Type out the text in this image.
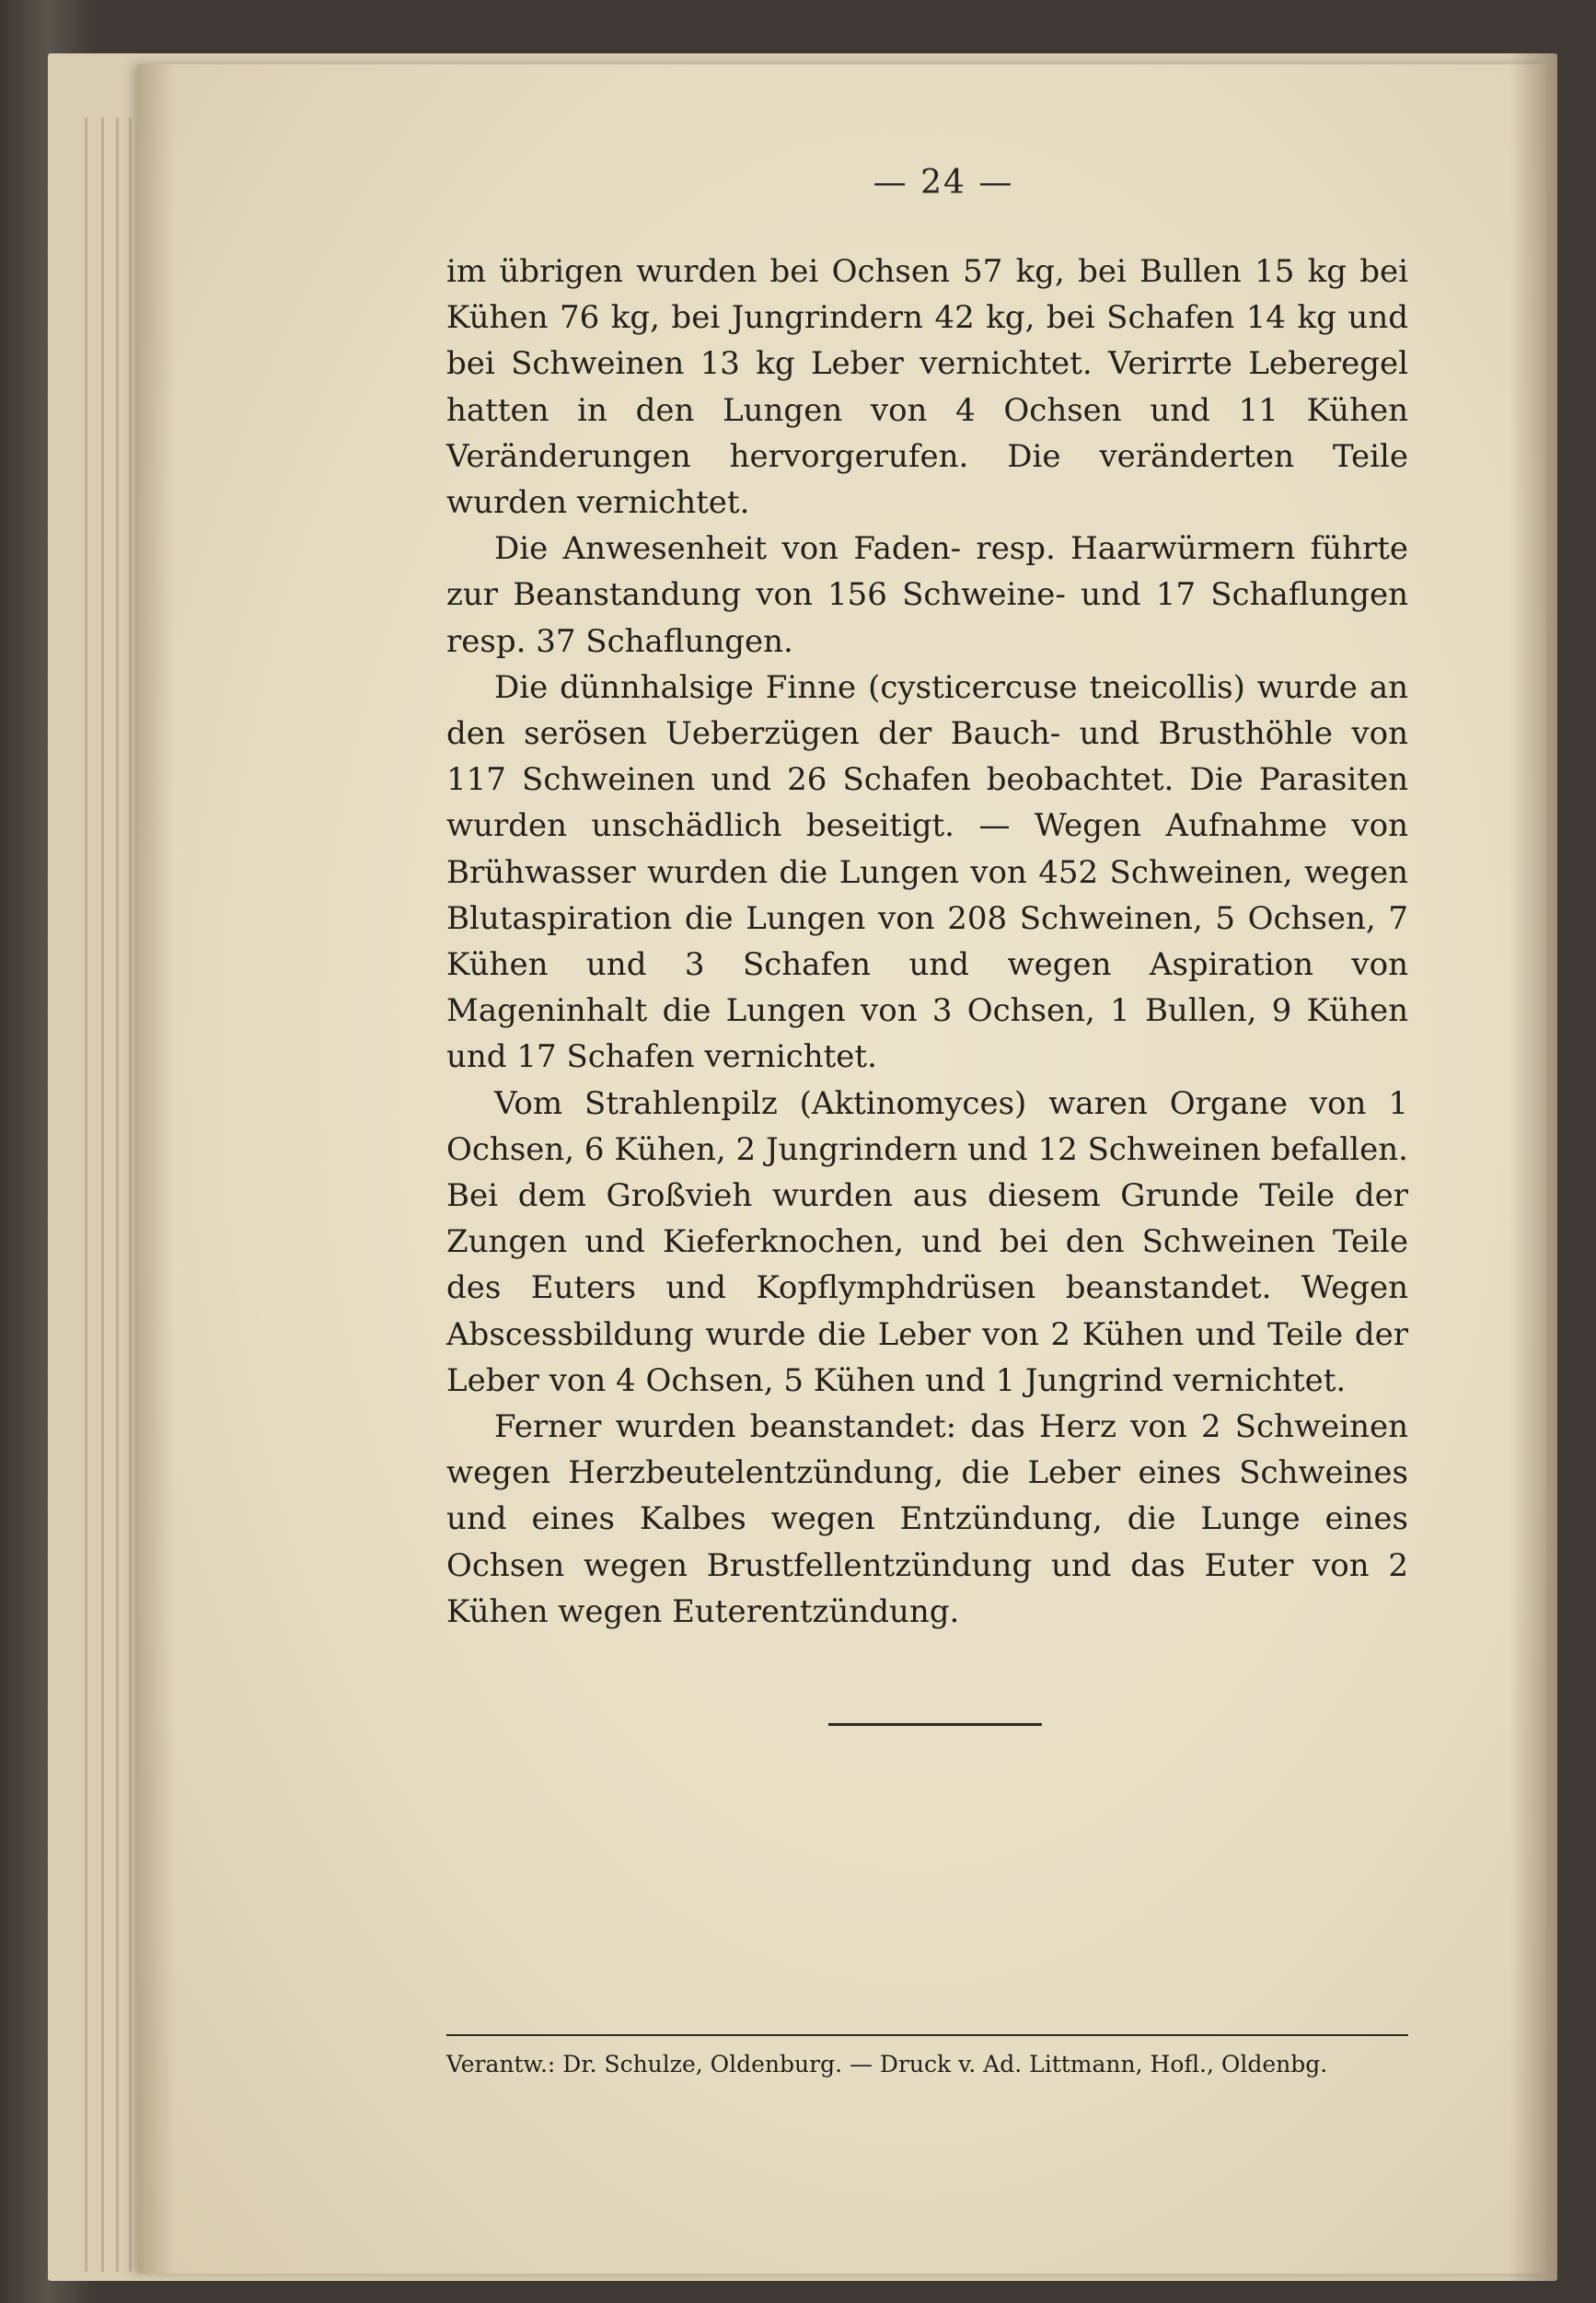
— 24 —

im übrigen wurden bei Ochsen 57 kg, bei Bullen 15 kg bei Kühen 76 kg, bei Jungrindern 42 kg, bei Schafen 14 kg und bei Schweinen 13 kg Leber vernichtet. Verirrte Leberegel hatten in den Lungen von 4 Ochsen und 11 Kühen Veränderungen hervorgerufen. Die veränderten Teile wurden vernichtet.

Die Anwesenheit von Faden- resp. Haarwürmern führte zur Beanstandung von 156 Schweine- und 17 Schaflungen resp. 37 Schaflungen.

Die dünnhalsige Finne (cysticercuse tneicollis) wurde an den serösen Ueberzügen der Bauch- und Brusthöhle von 117 Schweinen und 26 Schafen beobachtet. Die Parasiten wurden unschädlich beseitigt. — Wegen Aufnahme von Brühwasser wurden die Lungen von 452 Schweinen, wegen Blutaspiration die Lungen von 208 Schweinen, 5 Ochsen, 7 Kühen und 3 Schafen und wegen Aspiration von Mageninhalt die Lungen von 3 Ochsen, 1 Bullen, 9 Kühen und 17 Schafen vernichtet.

Vom Strahlenpilz (Aktinomyces) waren Organe von 1 Ochsen, 6 Kühen, 2 Jungrindern und 12 Schweinen befallen. Bei dem Großvieh wurden aus diesem Grunde Teile der Zungen und Kieferknochen, und bei den Schweinen Teile des Euters und Kopflymphdrüsen beanstandet. Wegen Abscessbildung wurde die Leber von 2 Kühen und Teile der Leber von 4 Ochsen, 5 Kühen und 1 Jungrind vernichtet.

Ferner wurden beanstandet: das Herz von 2 Schweinen wegen Herzbeutelentzündung, die Leber eines Schweines und eines Kalbes wegen Entzündung, die Lunge eines Ochsen wegen Brustfellentzündung und das Euter von 2 Kühen wegen Euterentzündung.

Verantw.: Dr. Schulze, Oldenburg. — Druck v. Ad. Littmann, Hofl., Oldenbg.
